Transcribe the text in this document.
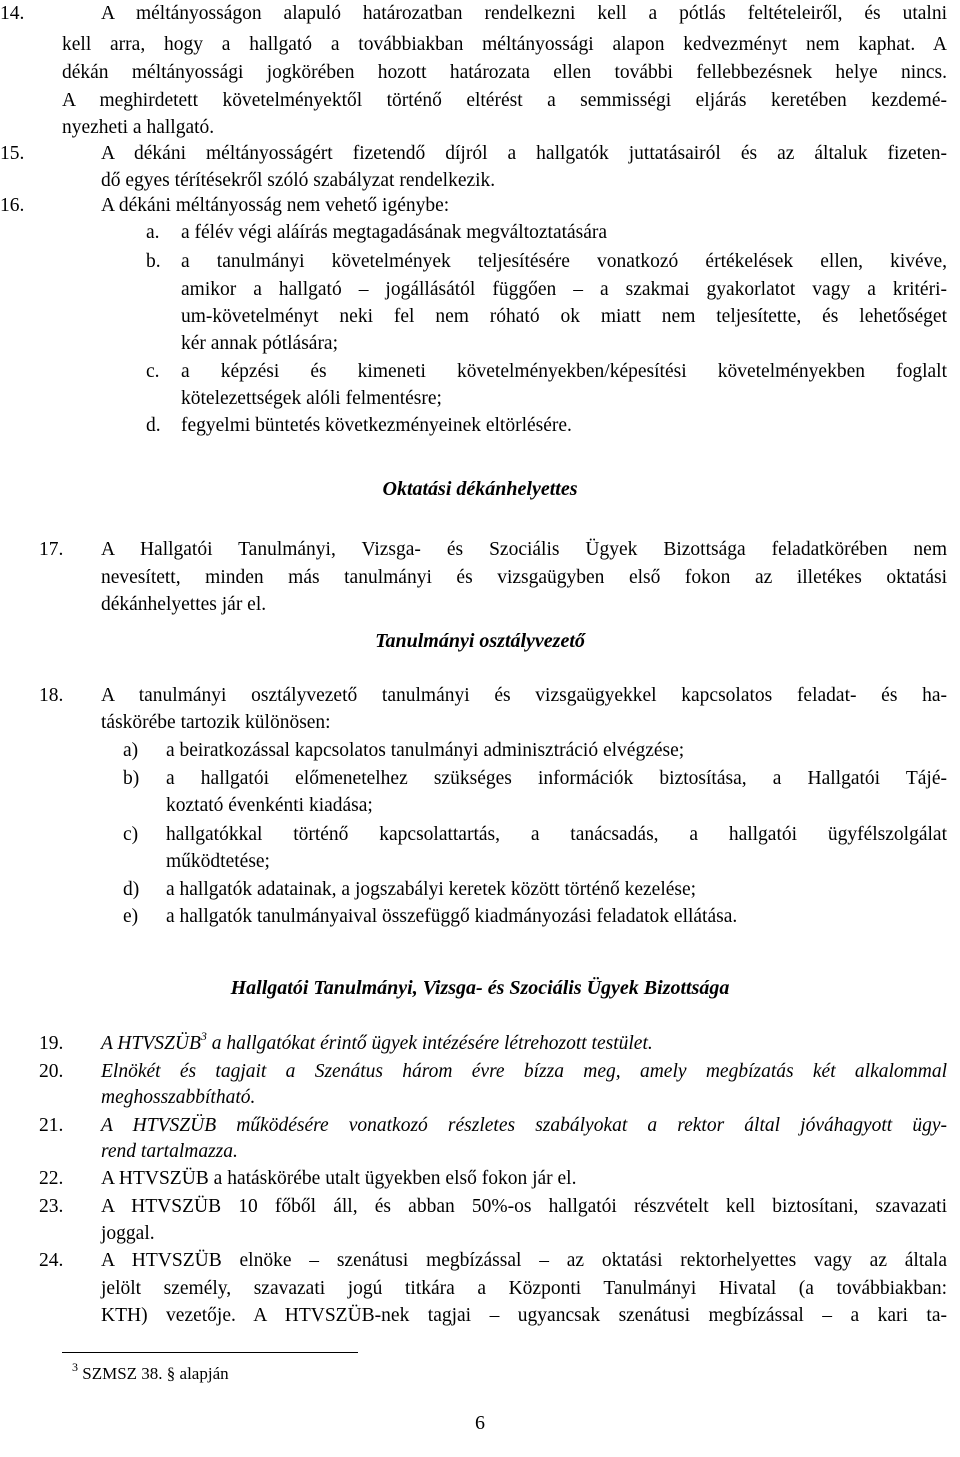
14.	A méltányosságon alapuló határozatban rendelkezni kell a pótlás feltételeiről, és utalni
kell arra, hogy a hallgató a továbbiakban méltányossági alapon kedvezményt nem kaphat. A
dékán méltányossági jogkörében hozott határozata ellen további fellebbezésnek helye nincs.
A meghirdetett követelményektől történő eltérést a semmisségi eljárás keretében kezdemé-
nyezheti a hallgató.
15.	A dékáni méltányosságért fizetendő díjról a hallgatók juttatásairól és az általuk fizeten-
dő egyes térítésekről szóló szabályzat rendelkezik.
16.	A dékáni méltányosság nem vehető igénybe:
a. a félév végi aláírás megtagadásának megváltoztatására
b. a tanulmányi követelmények teljesítésére vonatkozó értékelések ellen, kivéve,
amikor a hallgató – jogállásától függően – a szakmai gyakorlatot vagy a kritéri-
um-követelményt neki fel nem róható ok miatt nem teljesítette, és lehetőséget
kér annak pótlására;
c. a képzési és kimeneti követelményekben/képesítési követelményekben foglalt
kötelezettségek alóli felmentésre;
d. fegyelmi büntetés következményeinek eltörlésére.
Oktatási dékánhelyettes
17. A Hallgatói Tanulmányi, Vizsga- és Szociális Ügyek Bizottsága feladatkörében nem
nevesített, minden más tanulmányi és vizsgaügyben első fokon az illetékes oktatási
dékánhelyettes jár el.
Tanulmányi osztályvezető
18. A tanulmányi osztályvezető tanulmányi és vizsgaügyekkel kapcsolatos feladat- és ha-
táskörébe tartozik különösen:
a) a beiratkozással kapcsolatos tanulmányi adminisztráció elvégzése;
b) a hallgatói előmenetelhez szükséges információk biztosítása, a Hallgatói Tájé-
koztató évenkénti kiadása;
c) hallgatókkal történő kapcsolattartás, a tanácsadás, a hallgatói ügyfélszolgálat
működtetése;
d) a hallgatók adatainak, a jogszabályi keretek között történő kezelése;
e) a hallgatók tanulmányaival összefüggő kiadmányozási feladatok ellátása.
Hallgatói Tanulmányi, Vizsga- és Szociális Ügyek Bizottsága
19. A HTVSZÜB$^3$ a hallgatókat érintő ügyek intézésére létrehozott testület.
20. Elnökét és tagjait a Szenátus három évre bízza meg, amely megbízatás két alkalommal
meghosszabbítható.
21. A HTVSZÜB működésére vonatkozó részletes szabályokat a rektor által jóváhagyott ügy-
rend tartalmazza.
22. A HTVSZÜB a hatáskörébe utalt ügyekben első fokon jár el.
23. A HTVSZÜB 10 főből áll, és abban 50%-os hallgatói részvételt kell biztosítani, szavazati
joggal.
24. A HTVSZÜB elnöke – szenátusi megbízással – az oktatási rektorhelyettes vagy az általa
jelölt személy, szavazati jogú titkára a Központi Tanulmányi Hivatal (a továbbiakban:
KTH) vezetője. A HTVSZÜB-nek tagjai – ugyancsak szenátusi megbízással – a kari ta-
$^3$ SZMSZ 38. § alapján
6
